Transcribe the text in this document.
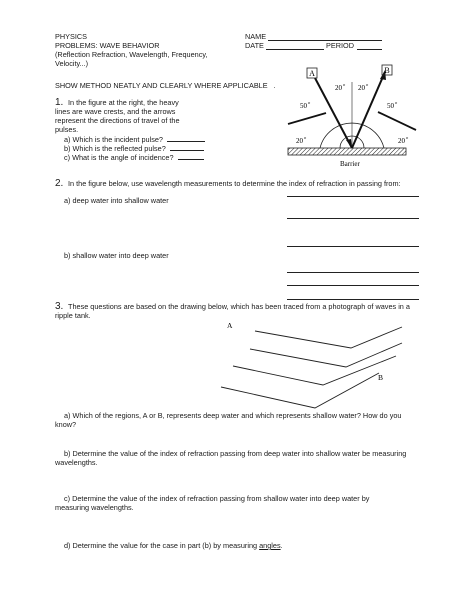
PHYSICS
PROBLEMS: WAVE BEHAVIOR
(Reflection Refraction, Wavelength, Frequency,
Velocity...)
NAME
DATE	PERIOD
SHOW METHOD NEATLY AND CLEARLY WHERE APPLICABLE .
1. In the figure at the right, the heavy
lines are wave crests, and the arrows
represent the directions of travel of the
pulses.
a) Which is the incident pulse?
b) Which is the reflected pulse?
c) What is the angle of incidence?
A	B
20 o 20 o
50 o	50 o
20 o	20 o
Barrier
2. In the figure below, use wavelength measurements to determine the index of refraction in passing from:
a) deep water into shallow water
b) shallow water into deep water
3. These questions are based on the drawing below, which has been traced from a photograph of waves in a
ripple tank.
A
B
a) Which of the regions, A or B, represents deep water and which represents shallow water? How do you
know?
b) Determine the value of the index of refraction passing from deep water into shallow water be measuring
wavelengths.
c) Determine the value of the index of refraction passing from shallow water into deep water by
measuring wavelengths.
d) Determine the value for the case in part (b) by measuring angles.
